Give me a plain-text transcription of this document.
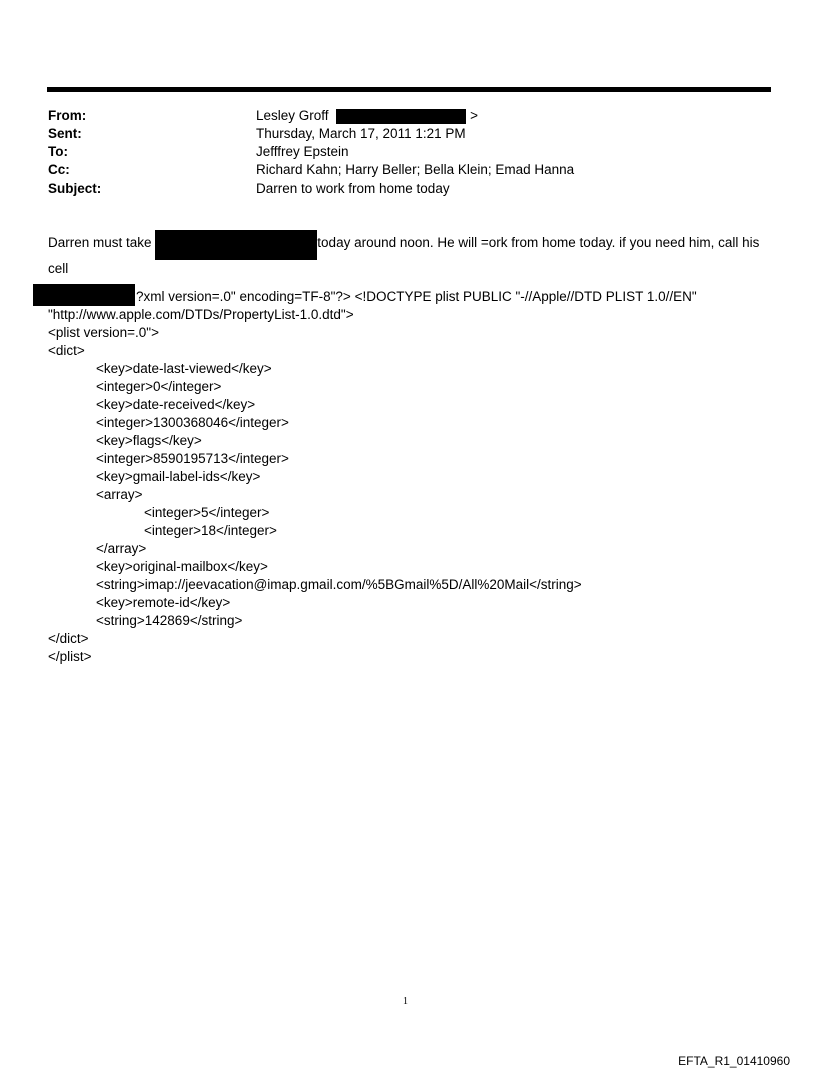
From:	Lesley Groff	>
Sent:	Thursday, March 17, 2011 1:21 PM
To:	Jefffrey Epstein
Cc:	Richard Kahn; Harry Beller; Bella Klein; Emad Hanna
Subject:	Darren to work from home today
Darren must take	today around noon. He will =ork from home today. if you need him, call his cell
?xml version=.0" encoding=TF-8"?> <!DOCTYPE plist PUBLIC "-//Apple//DTD PLIST 1.0//EN"
"http://www.apple.com/DTDs/PropertyList-1.0.dtd">
<plist version=.0">
<dict>
<key>date-last-viewed</key>
<integer>0</integer>
<key>date-received</key>
<integer>1300368046</integer>
<key>flags</key>
<integer>8590195713</integer>
<key>gmail-label-ids</key>
<array>
<integer>5</integer>
<integer>18</integer>
</array>
<key>original-mailbox</key>
<string>imap://jeevacation@imap.gmail.com/%5BGmail%5D/All%20Mail</string>
<key>remote-id</key>
<string>142869</string>
</dict>
</plist>
1
EFTA_R1_01410960
